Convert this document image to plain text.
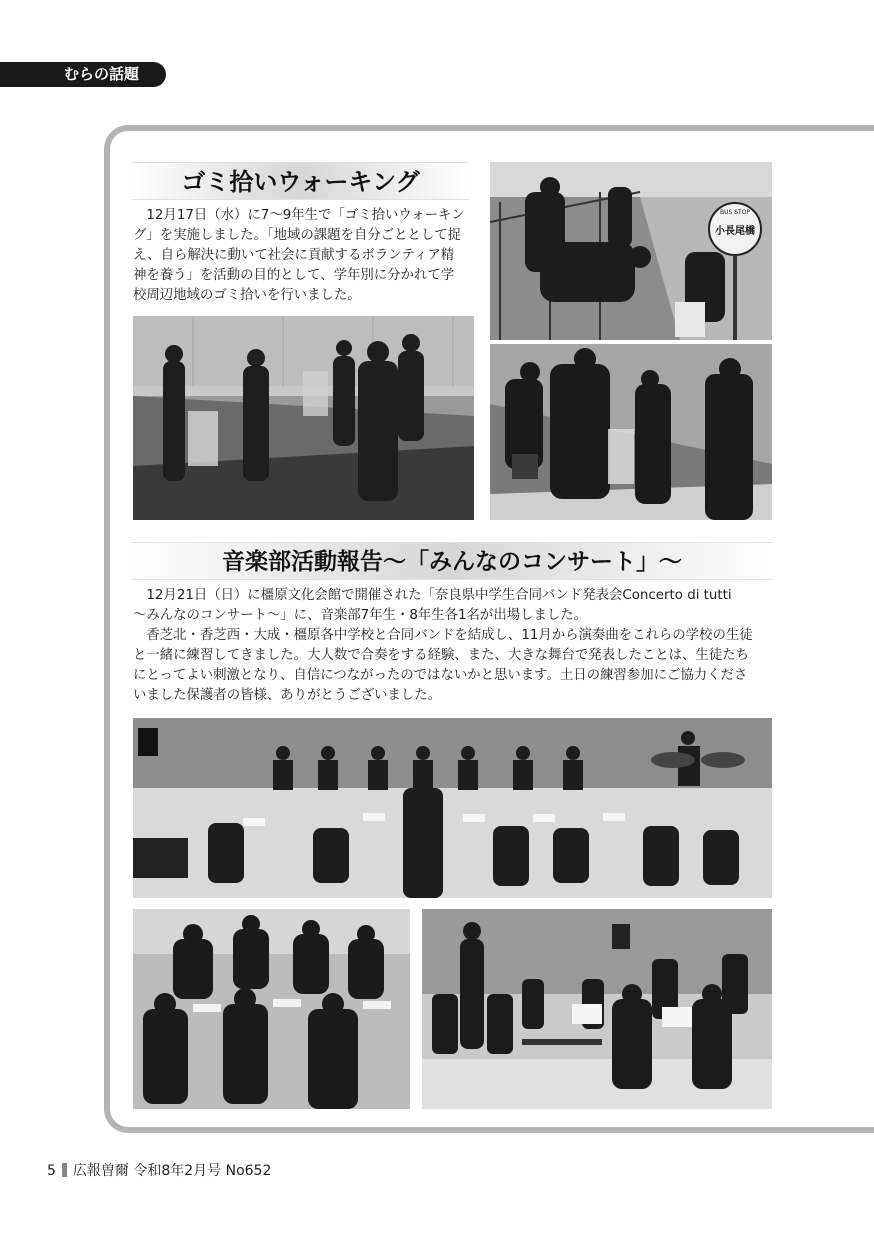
むらの話題
ゴミ拾いウォーキング
12月17日（水）に7〜9年生で「ゴミ拾いウォーキン
グ」を実施しました。「地域の課題を自分ごととして捉
え、自ら解決に動いて社会に貢献するボランティア精
神を養う」を活動の目的として、学年別に分かれて学
校周辺地域のゴミ拾いを行いました。
BUS STOP
小長尾橋
音楽部活動報告〜「みんなのコンサート」〜
12月21日（日）に橿原文化会館で開催された「奈良県中学生合同バンド発表会Concerto di tutti
〜みんなのコンサート〜」に、音楽部7年生・8年生各1名が出場しました。
香芝北・香芝西・大成・橿原各中学校と合同バンドを結成し、11月から演奏曲をこれらの学校の生徒
と一緒に練習してきました。大人数で合奏をする経験、また、大きな舞台で発表したことは、生徒たち
にとってよい刺激となり、自信につながったのではないかと思います。土日の練習参加にご協力くださ
いました保護者の皆様、ありがとうございました。
5 広報曽爾 令和8年2月号 No652
